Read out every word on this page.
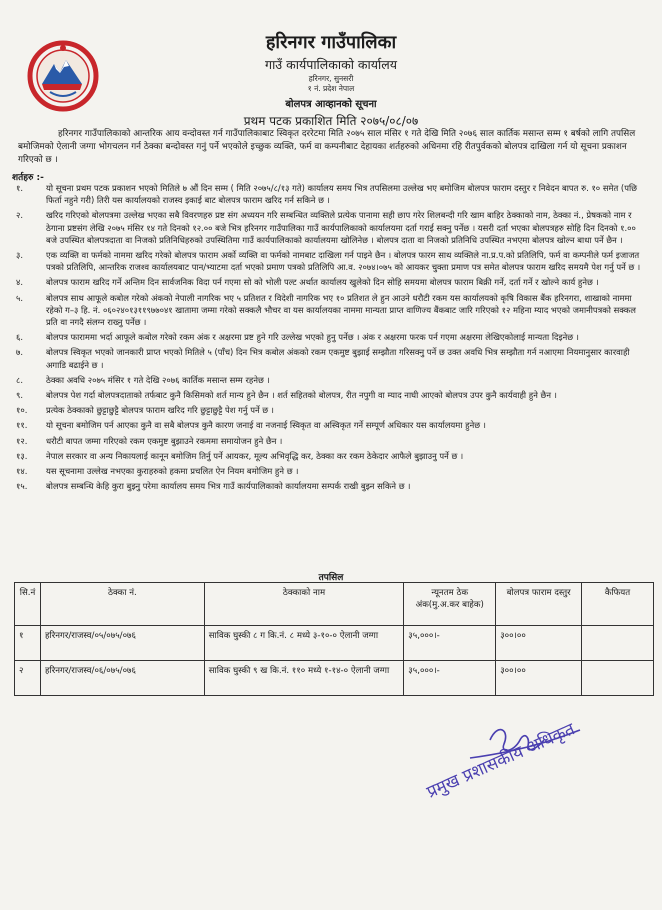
हरिनगर गाउँपालिका
गाउँ कार्यपालिकाको कार्यालय
हरिनगर, सुनसरी
१ नं. प्रदेश नेपाल
बोलपत्र आव्हानको सूचना
प्रथम पटक प्रकाशित मिति २०७५/०८/०७
हरिनगर गाउँपालिकाको आन्तरिक आय वन्दोवस्त गर्न गाउँपालिकाबाट स्विकृत दररेटमा मिति २०७५ साल मंसिर १ गते देखि मिति २०७६ साल कार्तिक मसान्त सम्म १ बर्षको लागि तपसिल बमोजिमको ऐलानी जग्गा भोगचलन गर्न ठेक्का बन्दोवस्त गनुं पर्ने भएकोले इच्छुक व्यक्ति, फर्म वा कम्पनीबाट देहायका शर्तहरुको अधिनमा रहि रीतपुर्वकको बोलपत्र दाखिला गर्न यो सूचना प्रकाशन गरिएको छ ।
शर्तहरु :-
१.	यो सूचना प्रथम पटक प्रकाशन भएको मितिले ७ औं दिन सम्म ( मिति २०७५/८/१३ गते) कार्यालय समय भित्र तपसिलमा उल्लेख भए बमोजिम बोलपत्र फाराम दस्तुर र निवेदन बापत रु. १० समेत (पछि फिर्ता नहुने गरी) तिरी यस कार्यालयको राजस्व इकाई बाट बोलपत्र फाराम खरिद गर्न सकिने छ ।
२.	खरिद गरिएको बोलपत्रमा उल्लेख भएका सबै विवरणहरु प्रष्ट संग अध्ययन गरि सम्बन्धित व्यक्तिले प्रत्येक पानामा सही छाप गरेर शिलबन्दी गरि खाम बाहिर ठेक्काको नाम, ठेक्का नं., प्रेषकको नाम र ठेगाना प्रष्टसंग लेखि २०७५ मंसिर १४ गते दिनको १२.०० बजे भित्र हरिनगर गाउँपालिका गाउँ कार्यपालिकाको कार्यालयमा दर्ता गराई सक्नु पर्नेछ । यसरी दर्ता भएका बोलपत्रहरु सोहि दिन दिनको १.०० बजे उपस्थित बोलपत्रदाता वा निजको प्रतिनिधिहरुको उपस्थितिमा गाउँ कार्यपालिकाको कार्यालयमा खोलिनेछ । बोलपत्र दाता वा निजको प्रतिनिधि उपस्थित नभएमा बोलपत्र खोल्न बाधा पर्ने छैन ।
३.	एक व्यक्ति वा फर्मको नाममा खरिद गरेको बोलपत्र फाराम अर्को व्यक्ति वा फर्मको नामबाट दाखिला गर्न पाइने छैन । बोलपत्र फारम साथ व्यक्तिले ना.प्र.प.को प्रतिलिपि, फर्म वा कम्पनीले फर्म इजाजत पत्रको प्रतिलिपि, आन्तरिक राजश्व कार्यालयबाट पान/भ्याटमा दर्ता भएको प्रमाण पत्रको प्रतिलिपि आ.व. २०७४।०७५ को आयकर चुक्ता प्रमाण पत्र समेत बोलपत्र फाराम खरिद समयमै पेश गर्नु पर्ने छ ।
४.	बोलपत्र फाराम खरिद गर्ने अन्तिम दिन सार्वजनिक विदा पर्न गएमा सो को भोली पल्ट अर्थात कार्यालय खुलेको दिन सोहि समयमा बोलपत्र फाराम बिक्री गर्ने, दर्ता गर्ने र खोल्ने कार्य हुनेछ ।
५.	बोलपत्र साथ आफूले कबोल गरेको अंकको नेपाली नागरिक भए ५ प्रतिशत र विदेशी नागरिक भए १० प्रतिशत ले हुन आउने धरौटी रकम यस कार्यालयको कृषि विकास बैंक हरिनगरा, शाखाको नाममा रहेको ग–३ हि. नं. ०६०२४०१३११९७७०४१ खातामा जम्मा गरेको सक्कलै भौचर वा यस कार्यालयका नाममा मान्यता प्राप्त वाणिज्य बैंकबाट जारि गरिएको १२ महिना म्याद भएको जमानीपत्रको सक्कल प्रति वा नगदै संलग्न राख्नु पर्नेछ ।
६.	बोलपत्र फाराममा भर्दा आफूले कबोल गरेको रकम अंक र अक्षरमा प्रष्ट हुने गरि उल्लेख भएको हुनु पर्नेछ । अंक र अक्षरमा फरक पर्न गएमा अक्षरमा लेखिएकोलाई मान्यता दिइनेछ ।
७.	बोलपत्र स्विकृत भएको जानकारी प्राप्त भएको मितिले ५ (पाँच) दिन भित्र कबोल अंकको रकम एकमुष्ट बुझाई सम्झौता गरिसक्नु पर्ने छ उक्त अवधि भित्र सम्झौता गर्न नआएमा नियमानुसार कारवाही अगाडि बढाईने छ ।
८.	ठेक्का अवधि २०७५ मंसिर १ गते देखि २०७६ कार्तिक मसान्त सम्म रहनेछ ।
९.	बोलपत्र पेश गर्दा बोलपत्रदाताको तर्फबाट कुनै किसिमको शर्त मान्य हुने छैन । शर्त सहितको बोलपत्र, रीत नपुगी वा म्याद नाघी आएको बोलपत्र उपर कुनै कार्यवाही हुने छैन ।
१०.	प्रत्येक ठेक्काको छुट्टाछुट्टै बोलपत्र फाराम खरिद गरि छुट्टाछुट्टै पेश गर्नु पर्ने छ ।
११.	यो सूचना बमोजिम पर्न आएका कुनै वा सबै बोलपत्र कुनै कारण जनाई वा नजनाई स्विकृत वा अस्विकृत गर्ने सम्पूर्ण अधिकार यस कार्यालयमा हुनेछ ।
१२.	धरौटी बापत जम्मा गरिएको रकम एकमुष्ट बुझाउने रकममा समायोजन हुने छैन ।
१३.	नेपाल सरकार वा अन्य निकायलाई कानून बमोजिम तिर्नु पर्ने आयकर, मूल्य अभिवृद्धि कर, ठेक्का कर रकम ठेकेदार आफैले बुझाउनु पर्ने छ ।
१४.	यस सूचनामा उल्लेख नभएका कुराहरुको हकमा प्रचलित ऐन नियम बमोजिम हुने छ ।
१५.	बोलपत्र सम्बन्धि केहि कुरा बुझ्नु परेमा कार्यालय समय भित्र गाउँ कार्यपालिकाको कार्यालयमा सम्पर्क राखी बुझ्न सकिने छ ।
तपसिल
सि.नं	ठेक्का नं.	ठेक्काको नाम	न्यूनतम ठेक अंक(मु.अ.कर बाहेक)	बोलपत्र फाराम दस्तुर	कैफियत
१	हरिनगर/राजस्व/०५/०७५/०७६	साविक घुस्की ८ ग कि.नं. ८ मध्ये ३-१०-० ऐलानी जग्गा	३५,०००।-	३००।००	
२	हरिनगर/राजस्व/०६/०७५/०७६	साविक घुस्की ९ ख कि.नं. ११० मध्ये १-१४-० ऐलानी जग्गा	३५,०००।-	३००।००	
प्रमुख प्रशासकीय अधिकृत
